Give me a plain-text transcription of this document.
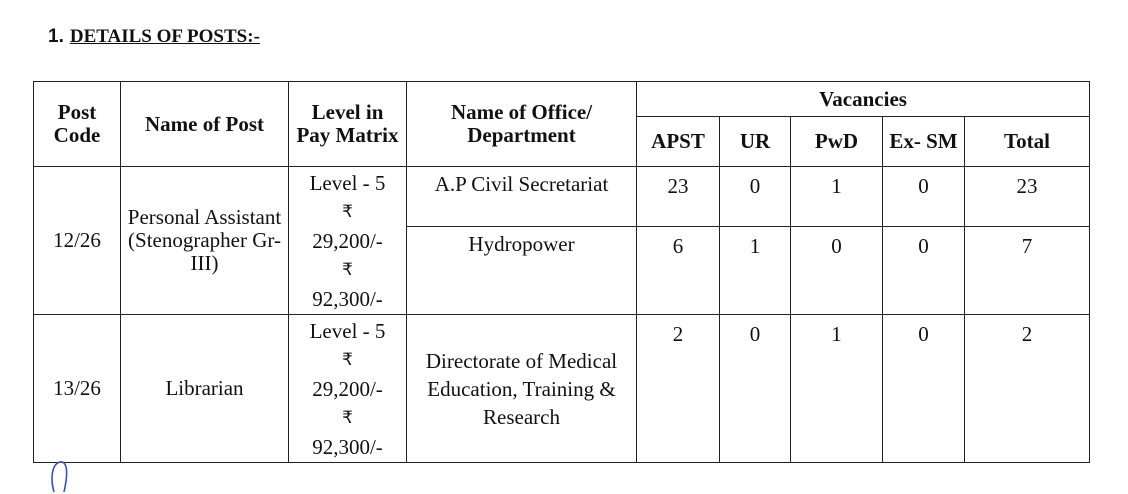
1. DETAILS OF POSTS:-
Post Code	Name of Post	Level in Pay Matrix	Name of Office/ Department	Vacancies				
				APST	UR	PwD	Ex- SM	Total
12/26	Personal Assistant (Stenographer Gr-III)	Level - 5
₹
29,200/-
₹
92,300/-	A.P Civil Secretariat	23	0	1	0	23
			Hydropower	6	1	0	0	7
13/26	Librarian	Level - 5
₹
29,200/-
₹
92,300/-	Directorate of Medical Education, Training & Research	2	0	1	0	2
